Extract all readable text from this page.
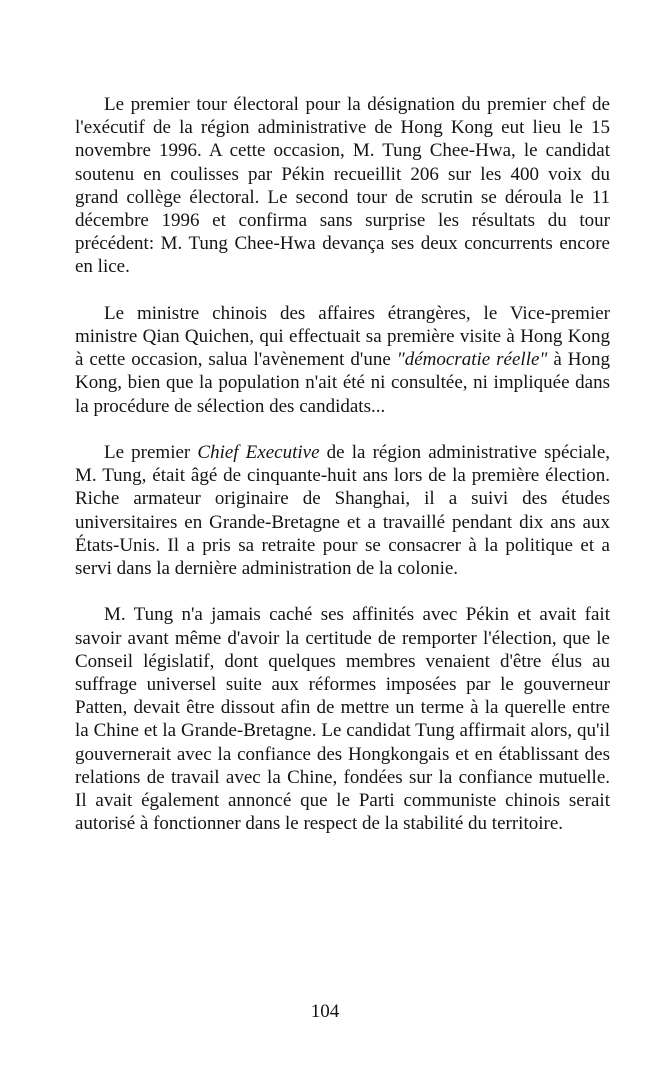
Le premier tour électoral pour la désignation du premier chef de l'exécutif de la région administrative de Hong Kong eut lieu le 15 novembre 1996. A cette occasion, M. Tung Chee-Hwa, le candidat soutenu en coulisses par Pékin recueillit 206 sur les 400 voix du grand collège électoral. Le second tour de scrutin se déroula le 11 décembre 1996 et confirma sans surprise les résultats du tour précédent: M. Tung Chee-Hwa devança ses deux concurrents encore en lice.

Le ministre chinois des affaires étrangères, le Vice-premier ministre Qian Quichen, qui effectuait sa première visite à Hong Kong à cette occasion, salua l'avènement d'une "démocratie réelle" à Hong Kong, bien que la population n'ait été ni consultée, ni impliquée dans la procédure de sélection des candidats...

Le premier Chief Executive de la région administrative spéciale, M. Tung, était âgé de cinquante-huit ans lors de la première élection. Riche armateur originaire de Shanghai, il a suivi des études universitaires en Grande-Bretagne et a travaillé pendant dix ans aux États-Unis. Il a pris sa retraite pour se consacrer à la politique et a servi dans la dernière administration de la colonie.

M. Tung n'a jamais caché ses affinités avec Pékin et avait fait savoir avant même d'avoir la certitude de remporter l'élection, que le Conseil législatif, dont quelques membres venaient d'être élus au suffrage universel suite aux réformes imposées par le gouverneur Patten, devait être dissout afin de mettre un terme à la querelle entre la Chine et la Grande-Bretagne. Le candidat Tung affirmait alors, qu'il gouvernerait avec la confiance des Hongkongais et en établissant des relations de travail avec la Chine, fondées sur la confiance mutuelle. Il avait également annoncé que le Parti communiste chinois serait autorisé à fonctionner dans le respect de la stabilité du territoire.

104
